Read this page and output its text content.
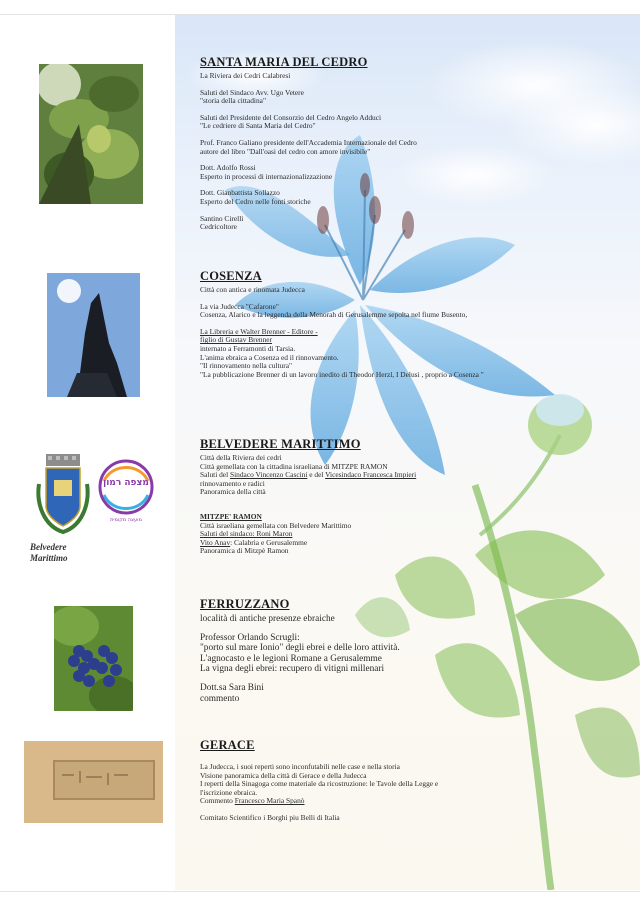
מצפה רמון
מועצה מקומית
Belvedere
Marittimo
SANTA MARIA DEL CEDRO
La Riviera dei Cedri Calabresi
Saluti del Sindaco Avv. Ugo Vetere
"storia della cittadina"
Saluti del Presidente del Consorzio del Cedro Angelo Adduci
"Le cedriere di Santa Maria del Cedro"
Prof. Franco Galiano presidente dell'Accademia Internazionale del Cedro
autore del libro "Dall'oasi del cedro con amore invisibile"
Dott. Adolfo Rossi
Esperto in processi di internazionalizzazione
Dott. Gianbattista Sollazzo
Esperto del Cedro nelle fonti storiche
Santino Cirelli
Cedricoltore
COSENZA
Città con antica e rinomata Judecca
La via Judecca "Cafarone"
Cosenza, Alarico e la leggenda della Menorah di Gerusalemme sepolta nel fiume Busento,
La Libreria e Walter Brenner - Editore -
figlio di Gustav Brenner
internato a Ferramonti di Tarsia.
L'anima ebraica a Cosenza ed il rinnovamento.
"Il rinnovamento nella cultura"
"La pubblicazione Brenner di un lavoro inedito di Theodor Herzl, I Delusi , proprio a Cosenza "
BELVEDERE MARITTIMO
Città della Riviera dei cedri
Città gemellata con la cittadina israeliana di MITZPE RAMON
Saluti del Sindaco Vincenzo Cascini e del Vicesindaco Francesca Impieri
rinnovamento e radici
Panoramica della città
MITZPE' RAMON
Città israeliana gemellata con Belvedere Marittimo
Saluti del sindaco: Roni Maron
Vito Anav: Calabria e Gerusalemme
Panoramica di Mitzpè Ramon
FERRUZZANO
località di antiche presenze ebraiche
Professor Orlando Scrugli:
"porto sul mare Ionio" degli ebrei e delle loro attività.
L'agnocasto e le legioni Romane a Gerusalemme
La vigna degli ebrei: recupero di vitigni millenari
Dott.sa Sara Bini
commento
GERACE
La Judecca, i suoi reperti sono inconfutabili nelle case e nella storia
Visione panoramica della città di Gerace e della Judecca
I reperti della Sinagoga come materiale da ricostruzione: le Tavole della Legge e
l'iscrizione ebraica.
Commento Francesco Maria Spanò
Comitato Scientifico i Borghi piu Belli di Italia
